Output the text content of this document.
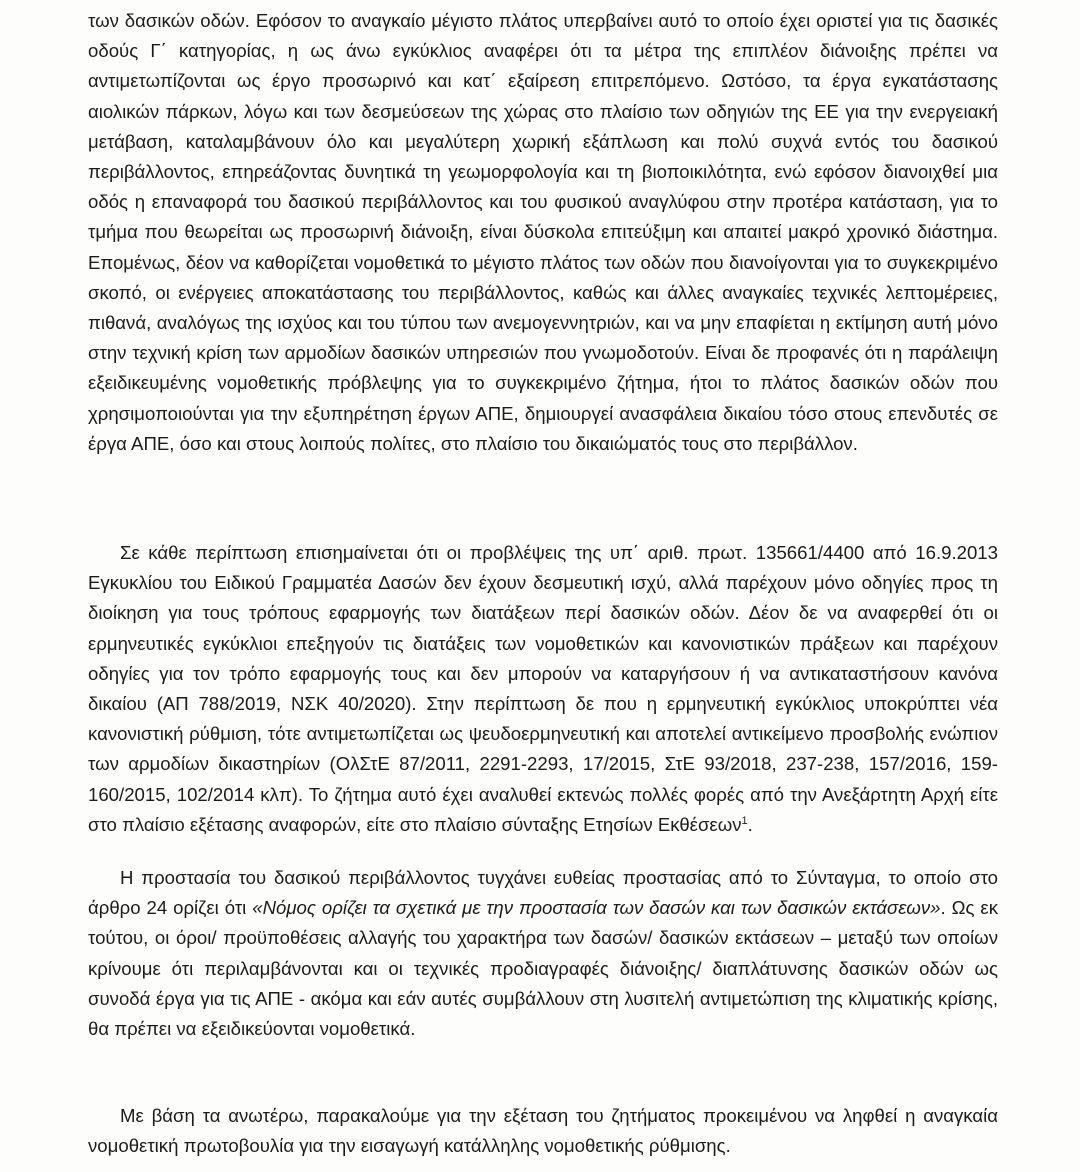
των δασικών οδών. Εφόσον το αναγκαίο μέγιστο πλάτος υπερβαίνει αυτό το οποίο έχει οριστεί για τις δασικές οδούς Γ΄ κατηγορίας, η ως άνω εγκύκλιος αναφέρει ότι τα μέτρα της επιπλέον διάνοιξης πρέπει να αντιμετωπίζονται ως έργο προσωρινό και κατ΄ εξαίρεση επιτρεπόμενο. Ωστόσο, τα έργα εγκατάστασης αιολικών πάρκων, λόγω και των δεσμεύσεων της χώρας στο πλαίσιο των οδηγιών της ΕΕ για την ενεργειακή μετάβαση, καταλαμβάνουν όλο και μεγαλύτερη χωρική εξάπλωση και πολύ συχνά εντός του δασικού περιβάλλοντος, επηρεάζοντας δυνητικά τη γεωμορφολογία και τη βιοποικιλότητα, ενώ εφόσον διανοιχθεί μια οδός η επαναφορά του δασικού περιβάλλοντος και του φυσικού αναγλύφου στην προτέρα κατάσταση, για το τμήμα που θεωρείται ως προσωρινή διάνοιξη, είναι δύσκολα επιτεύξιμη και απαιτεί μακρό χρονικό διάστημα. Επομένως, δέον να καθορίζεται νομοθετικά το μέγιστο πλάτος των οδών που διανοίγονται για το συγκεκριμένο σκοπό, οι ενέργειες αποκατάστασης του περιβάλλοντος, καθώς και άλλες αναγκαίες τεχνικές λεπτομέρειες, πιθανά, αναλόγως της ισχύος και του τύπου των ανεμογεννητριών, και να μην επαφίεται η εκτίμηση αυτή μόνο στην τεχνική κρίση των αρμοδίων δασικών υπηρεσιών που γνωμοδοτούν. Είναι δε προφανές ότι η παράλειψη εξειδικευμένης νομοθετικής πρόβλεψης για το συγκεκριμένο ζήτημα, ήτοι το πλάτος δασικών οδών που χρησιμοποιούνται για την εξυπηρέτηση έργων ΑΠΕ, δημιουργεί ανασφάλεια δικαίου τόσο στους επενδυτές σε έργα ΑΠΕ, όσο και στους λοιπούς πολίτες, στο πλαίσιο του δικαιώματός τους στο περιβάλλον.

Σε κάθε περίπτωση επισημαίνεται ότι οι προβλέψεις της υπ΄ αριθ. πρωτ. 135661/4400 από 16.9.2013 Εγκυκλίου του Ειδικού Γραμματέα Δασών δεν έχουν δεσμευτική ισχύ, αλλά παρέχουν μόνο οδηγίες προς τη διοίκηση για τους τρόπους εφαρμογής των διατάξεων περί δασικών οδών. Δέον δε να αναφερθεί ότι οι ερμηνευτικές εγκύκλιοι επεξηγούν τις διατάξεις των νομοθετικών και κανονιστικών πράξεων και παρέχουν οδηγίες για τον τρόπο εφαρμογής τους και δεν μπορούν να καταργήσουν ή να αντικαταστήσουν κανόνα δικαίου (ΑΠ 788/2019, ΝΣΚ 40/2020). Στην περίπτωση δε που η ερμηνευτική εγκύκλιος υποκρύπτει νέα κανονιστική ρύθμιση, τότε αντιμετωπίζεται ως ψευδοερμηνευτική και αποτελεί αντικείμενο προσβολής ενώπιον των αρμοδίων δικαστηρίων (ΟλΣτΕ 87/2011, 2291-2293, 17/2015, ΣτΕ 93/2018, 237-238, 157/2016, 159-160/2015, 102/2014 κλπ). Το ζήτημα αυτό έχει αναλυθεί εκτενώς πολλές φορές από την Ανεξάρτητη Αρχή είτε στο πλαίσιο εξέτασης αναφορών, είτε στο πλαίσιο σύνταξης Ετησίων Εκθέσεων$^1$.

Η προστασία του δασικού περιβάλλοντος τυγχάνει ευθείας προστασίας από το Σύνταγμα, το οποίο στο άρθρο 24 ορίζει ότι «Νόμος ορίζει τα σχετικά με την προστασία των δασών και των δασικών εκτάσεων». Ως εκ τούτου, οι όροι/ προϋποθέσεις αλλαγής του χαρακτήρα των δασών/ δασικών εκτάσεων – μεταξύ των οποίων κρίνουμε ότι περιλαμβάνονται και οι τεχνικές προδιαγραφές διάνοιξης/ διαπλάτυνσης δασικών οδών ως συνοδά έργα για τις ΑΠΕ - ακόμα και εάν αυτές συμβάλλουν στη λυσιτελή αντιμετώπιση της κλιματικής κρίσης, θα πρέπει να εξειδικεύονται νομοθετικά.

Με βάση τα ανωτέρω, παρακαλούμε για την εξέταση του ζητήματος προκειμένου να ληφθεί η αναγκαία νομοθετική πρωτοβουλία για την εισαγωγή κατάλληλης νομοθετικής ρύθμισης.
